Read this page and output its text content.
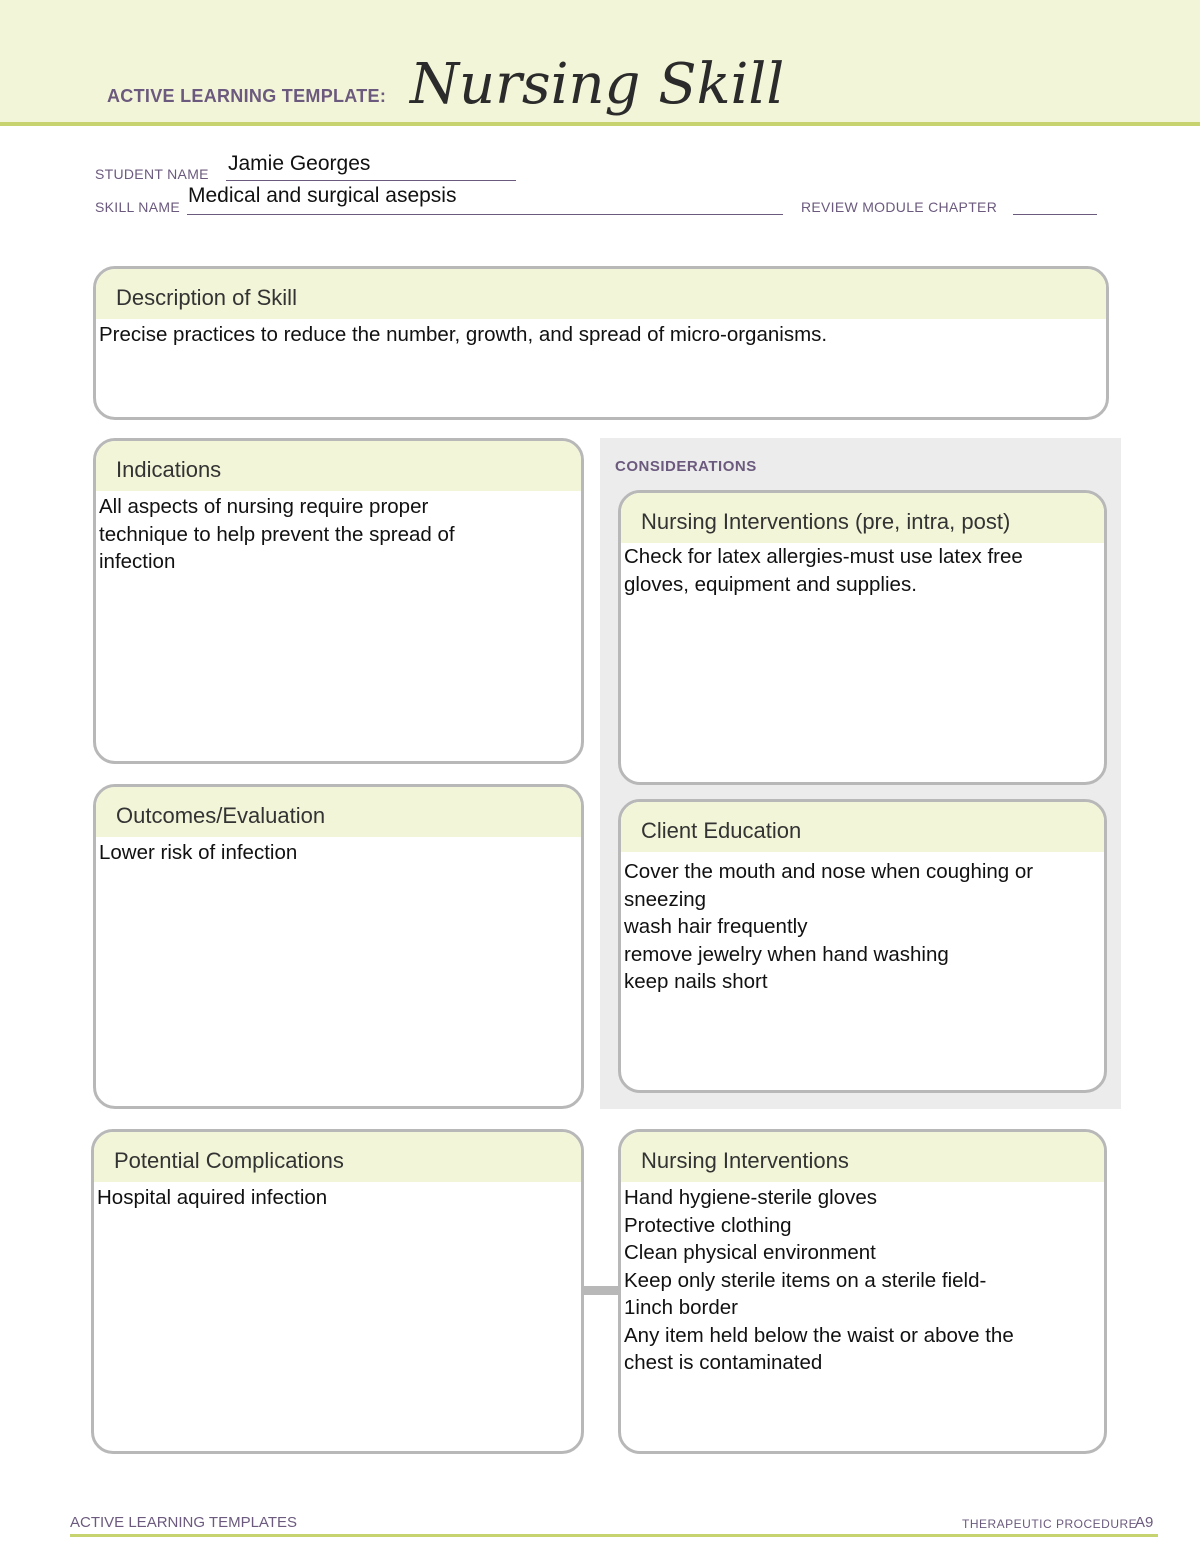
ACTIVE LEARNING TEMPLATE: Nursing Skill
STUDENT NAME Jamie Georges
SKILL NAME Medical and surgical asepsis	REVIEW MODULE CHAPTER
Description of Skill
Precise practices to reduce the number, growth, and spread of micro-organisms.
Indications
All aspects of nursing require proper
technique to help prevent the spread of
infection
Outcomes/Evaluation
Lower risk of infection
CONSIDERATIONS
Nursing Interventions (pre, intra, post)
Check for latex allergies-must use latex free
gloves, equipment and supplies.
Client Education
Cover the mouth and nose when coughing or
sneezing
wash hair frequently
remove jewelry when hand washing
keep nails short
Potential Complications
Hospital aquired infection
Nursing Interventions
Hand hygiene-sterile gloves
Protective clothing
Clean physical environment
Keep only sterile items on a sterile field-
1inch border
Any item held below the waist or above the
chest is contaminated
ACTIVE LEARNING TEMPLATES	THERAPEUTIC PROCEDURE
A9
